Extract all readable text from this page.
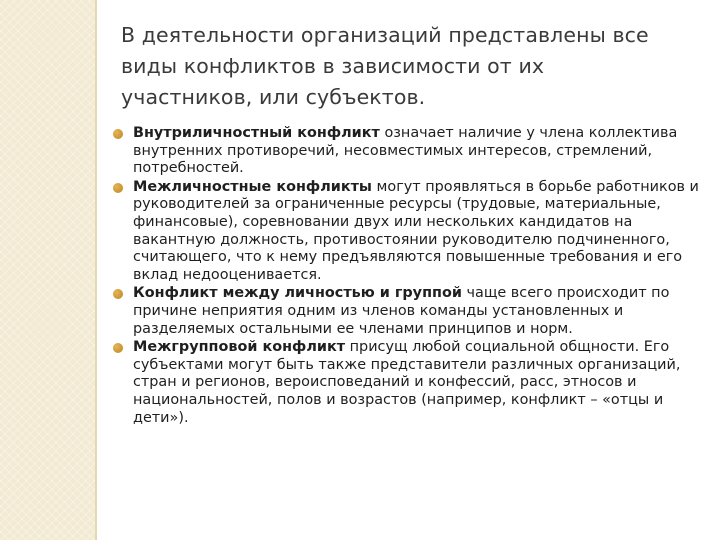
В деятельности организаций представлены все виды конфликтов в зависимости от их участников, или субъектов.
Внутриличностный конфликт означает наличие у члена коллектива внутренних противоречий, несовместимых интересов, стремлений, потребностей.
Межличностные конфликты могут проявляться в борьбе работников и руководителей за ограниченные ресурсы (трудовые, материальные, финансовые), соревновании двух или нескольких кандидатов на вакантную должность, противостоянии руководителю подчиненного, считающего, что к нему предъявляются повышенные требования и его вклад недооценивается.
Конфликт между личностью и группой чаще всего происходит по причине неприятия одним из членов команды установленных и разделяемых остальными ее членами принципов и норм.
Межгрупповой конфликт присущ любой социальной общности. Его субъектами могут быть также представители различных организаций, стран и регионов, вероисповеданий и конфессий, расс, этносов и национальностей, полов и возрастов (например, конфликт – «отцы и дети»).
